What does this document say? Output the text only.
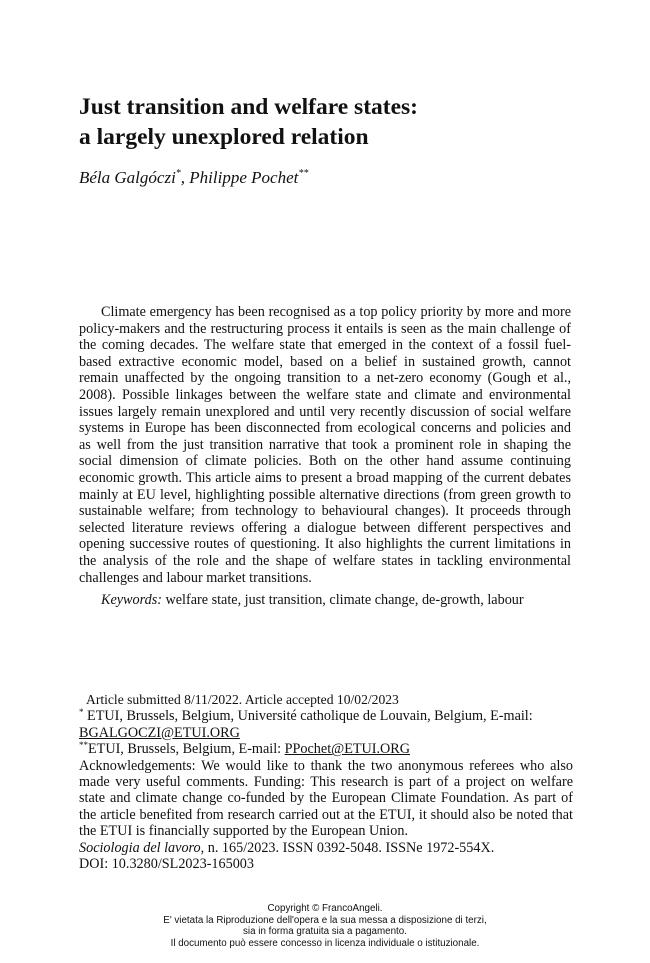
Just transition and welfare states:
a largely unexplored relation
Béla Galgóczi*, Philippe Pochet**

Climate emergency has been recognised as a top policy priority by more and more policy-makers and the restructuring process it entails is seen as the main challenge of the coming decades. The welfare state that emerged in the context of a fossil fuel-based extractive economic model, based on a belief in sustained growth, cannot remain unaffected by the ongoing transition to a net-zero economy (Gough et al., 2008). Possible linkages between the welfare state and climate and environmental issues largely remain unexplored and until very recently discussion of social welfare systems in Europe has been disconnected from ecological concerns and policies and as well from the just transition narrative that took a prominent role in shaping the social dimension of climate policies. Both on the other hand assume continuing economic growth. This article aims to present a broad mapping of the current debates mainly at EU level, highlighting possible alternative directions (from green growth to sustainable welfare; from technology to behavioural changes). It proceeds through selected literature reviews offering a dialogue between different perspectives and opening successive routes of questioning. It also highlights the current limitations in the analysis of the role and the shape of welfare states in tackling environmental challenges and labour market transitions.

Keywords: welfare state, just transition, climate change, de-growth, labour
Article submitted 8/11/2022. Article accepted 10/02/2023
* ETUI, Brussels, Belgium, Université catholique de Louvain, Belgium, E-mail:
BGALGOCZI@ETUI.ORG
**ETUI, Brussels, Belgium, E-mail: PPochet@ETUI.ORG
Acknowledgements: We would like to thank the two anonymous referees who also made very useful comments. Funding: This research is part of a project on welfare state and climate change co-funded by the European Climate Foundation. As part of the article benefited from research carried out at the ETUI, it should also be noted that the ETUI is financially supported by the European Union.
Sociologia del lavoro, n. 165/2023. ISSN 0392-5048. ISSNe 1972-554X.
DOI: 10.3280/SL2023-165003
Copyright © FrancoAngeli.
E' vietata la Riproduzione dell'opera e la sua messa a disposizione di terzi,
sia in forma gratuita sia a pagamento.
Il documento può essere concesso in licenza individuale o istituzionale.
